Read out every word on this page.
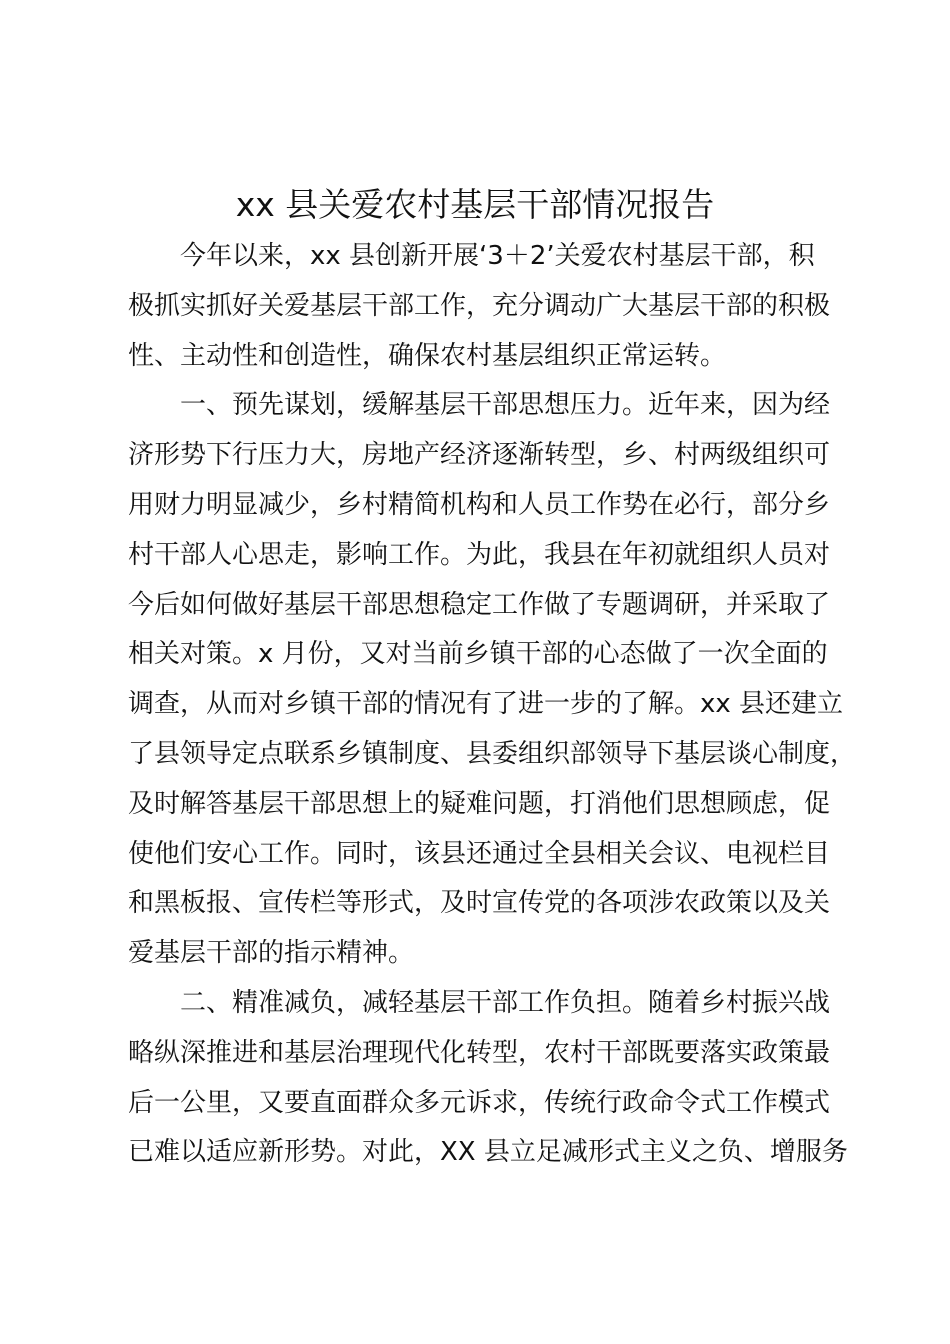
xx 县关爱农村基层干部情况报告
今年以来，xx 县创新开展‘3＋2’关爱农村基层干部，积
极抓实抓好关爱基层干部工作，充分调动广大基层干部的积极
性、主动性和创造性，确保农村基层组织正常运转。
一、预先谋划，缓解基层干部思想压力。近年来，因为经
济形势下行压力大，房地产经济逐渐转型，乡、村两级组织可
用财力明显减少，乡村精简机构和人员工作势在必行，部分乡
村干部人心思走，影响工作。为此，我县在年初就组织人员对
今后如何做好基层干部思想稳定工作做了专题调研，并采取了
相关对策。x 月份，又对当前乡镇干部的心态做了一次全面的
调查，从而对乡镇干部的情况有了进一步的了解。xx 县还建立
了县领导定点联系乡镇制度、县委组织部领导下基层谈心制度，
及时解答基层干部思想上的疑难问题，打消他们思想顾虑，促
使他们安心工作。同时，该县还通过全县相关会议、电视栏目
和黑板报、宣传栏等形式，及时宣传党的各项涉农政策以及关
爱基层干部的指示精神。
二、精准减负，减轻基层干部工作负担。随着乡村振兴战
略纵深推进和基层治理现代化转型，农村干部既要落实政策最
后一公里，又要直面群众多元诉求，传统行政命令式工作模式
已难以适应新形势。对此，XX 县立足减形式主义之负、增服务
